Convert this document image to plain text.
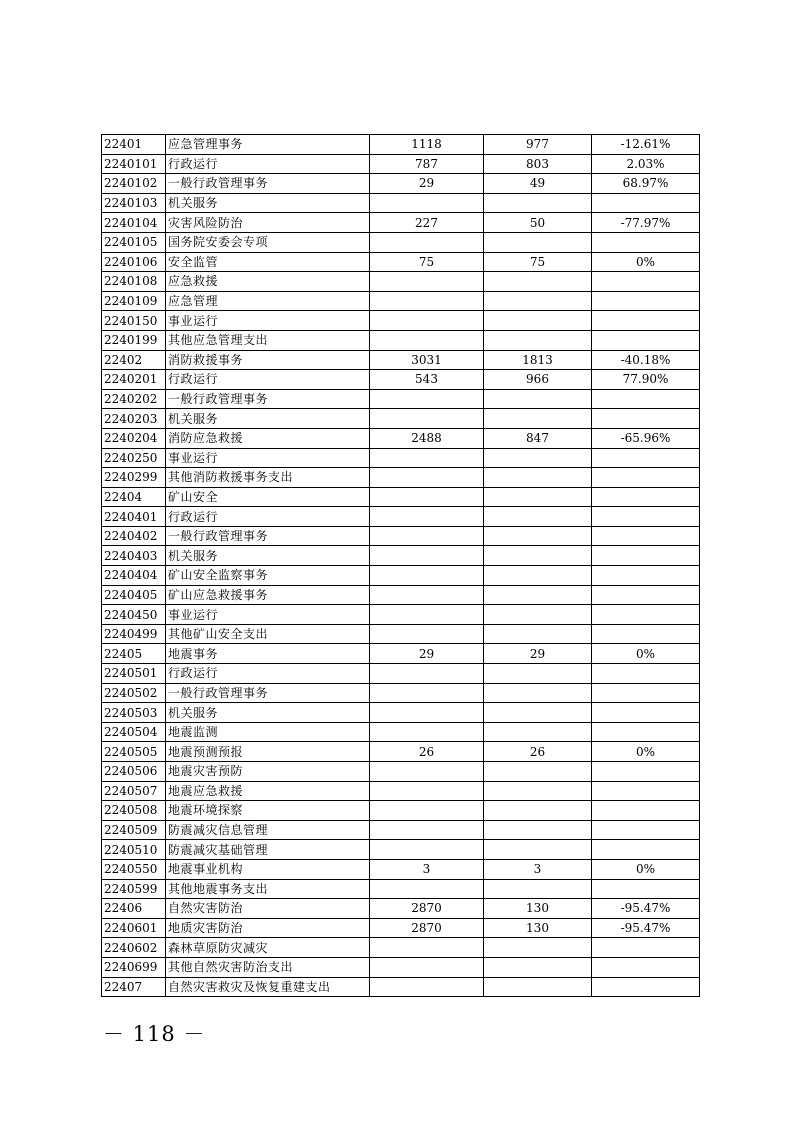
22401	应急管理事务	1118	977	-12.61%
2240101	行政运行	787	803	2.03%
2240102	一般行政管理事务	29	49	68.97%
2240103	机关服务			
2240104	灾害风险防治	227	50	-77.97%
2240105	国务院安委会专项			
2240106	安全监管	75	75	0%
2240108	应急救援			
2240109	应急管理			
2240150	事业运行			
2240199	其他应急管理支出			
22402	消防救援事务	3031	1813	-40.18%
2240201	行政运行	543	966	77.90%
2240202	一般行政管理事务			
2240203	机关服务			
2240204	消防应急救援	2488	847	-65.96%
2240250	事业运行			
2240299	其他消防救援事务支出			
22404	矿山安全			
2240401	行政运行			
2240402	一般行政管理事务			
2240403	机关服务			
2240404	矿山安全监察事务			
2240405	矿山应急救援事务			
2240450	事业运行			
2240499	其他矿山安全支出			
22405	地震事务	29	29	0%
2240501	行政运行			
2240502	一般行政管理事务			
2240503	机关服务			
2240504	地震监测			
2240505	地震预测预报	26	26	0%
2240506	地震灾害预防			
2240507	地震应急救援			
2240508	地震环境探察			
2240509	防震减灾信息管理			
2240510	防震减灾基础管理			
2240550	地震事业机构	3	3	0%
2240599	其他地震事务支出			
22406	自然灾害防治	2870	130	-95.47%
2240601	地质灾害防治	2870	130	-95.47%
2240602	森林草原防灾减灾			
2240699	其他自然灾害防治支出			
22407	自然灾害救灾及恢复重建支出			
－ 118 －
